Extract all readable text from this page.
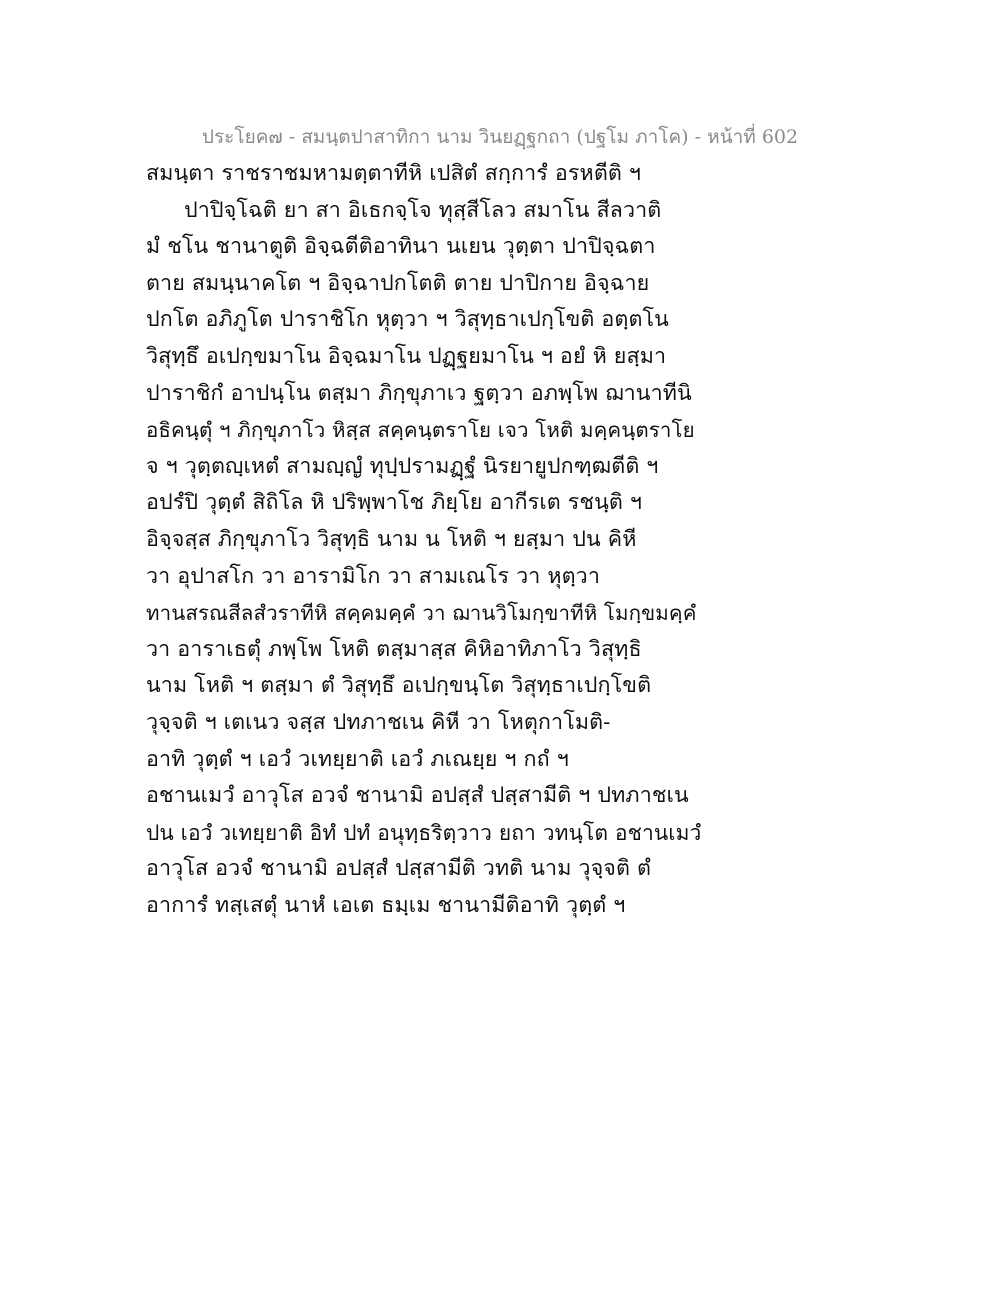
ประโยค๗ - สมนฺตปาสาทิกา นาม วินยฏฺฐกถา (ปฐโม ภาโค) - หน้าที่ 602
สมนฺตา ราชราชมหามตฺตาทีหิ เปสิตํ สกฺการํ อรหตีติ ฯ
ปาปิจฺโฉติ ยา สา อิเธกจฺโจ ทุสฺสีโลว สมาโน สีลวาติ
มํ ชโน ชานาตูติ อิจฺฉตีติอาทินา นเยน วุตฺตา ปาปิจฺฉตา
ตาย สมนฺนาคโต ฯ อิจฺฉาปกโตติ ตาย ปาปิกาย อิจฺฉาย
ปกโต อภิภูโต ปาราชิโก หุตฺวา ฯ วิสุทฺธาเปกฺโขติ อตฺตโน
วิสุทฺธึ อเปกฺขมาโน อิจฺฉมาโน ปฏฺฐยมาโน ฯ อยํ หิ ยสฺมา
ปาราชิกํ อาปนฺโน ตสฺมา ภิกฺขุภาเว ฐตฺวา อภพฺโพ ฌานาทีนิ
อธิคนฺตุํ ฯ ภิกฺขุภาโว หิสฺส สคฺคนฺตราโย เจว โหติ มคฺคนฺตราโย
จ ฯ วุตฺตญฺเหตํ สามญฺญํ ทุปฺปรามฏฺฐํ นิรยายูปกฑฺฒตีติ ฯ
อปรํปิ วุตฺตํ สิถิโล หิ ปริพฺพาโช ภิยฺโย อากีรเต รชนฺติ ฯ
อิจฺจสฺส ภิกฺขุภาโว วิสุทฺธิ นาม น โหติ ฯ ยสฺมา ปน คิหี
วา อุปาสโก วา อารามิโก วา สามเณโร วา หุตฺวา
ทานสรณสีลสํวราทีหิ สคฺคมคฺคํ วา ฌานวิโมกฺขาทีหิ โมกฺขมคฺคํ
วา อาราเธตุํ ภพฺโพ โหติ ตสฺมาสฺส คิหิอาทิภาโว วิสุทฺธิ
นาม โหติ ฯ ตสฺมา ตํ วิสุทฺธึ อเปกฺขนฺโต วิสุทฺธาเปกฺโขติ
วุจฺจติ ฯ เตเนว จสฺส ปทภาชเน คิหี วา โหตุกาโมติ-
อาทิ วุตฺตํ ฯ เอวํ วเทยฺยาติ เอวํ ภเณยฺย ฯ กถํ ฯ
อชานเมวํ อาวุโส อวจํ ชานามิ อปสฺสํ ปสฺสามีติ ฯ ปทภาชเน
ปน เอวํ วเทยฺยาติ อิทํ ปทํ อนุทฺธริตฺวาว ยถา วทนฺโต อชานเมวํ
อาวุโส อวจํ ชานามิ อปสฺสํ ปสฺสามีติ วทติ นาม วุจฺจติ ตํ
อาการํ ทสฺเสตุํ นาหํ เอเต ธมฺเม ชานามีติอาทิ วุตฺตํ ฯ
